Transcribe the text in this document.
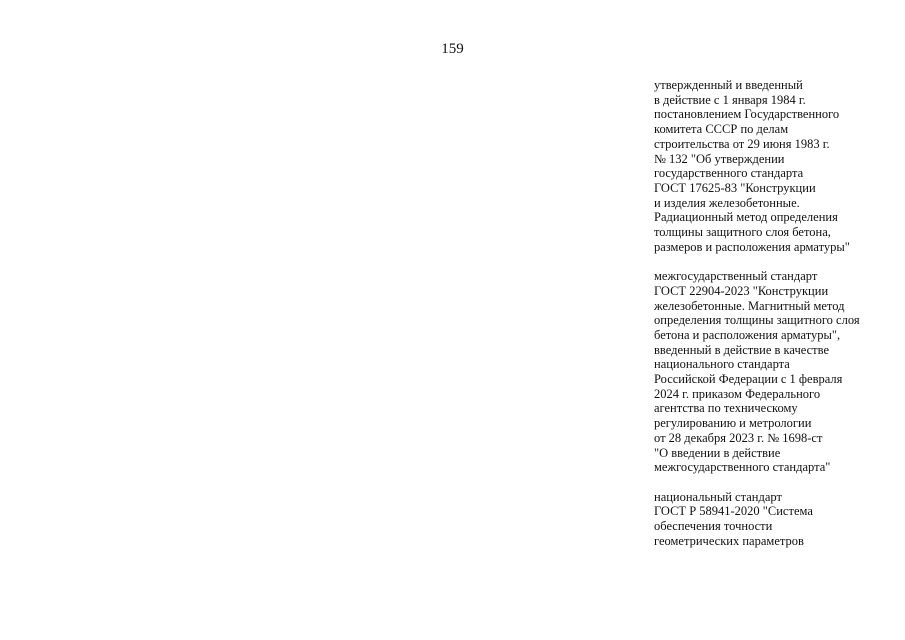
159
утвержденный и введенный
в действие с 1 января 1984 г.
постановлением Государственного
комитета СССР по делам
строительства от 29 июня 1983 г.
№ 132 "Об утверждении
государственного стандарта
ГОСТ 17625-83 "Конструкции
и изделия железобетонные.
Радиационный метод определения
толщины защитного слоя бетона,
размеров и расположения арматуры"
межгосударственный стандарт
ГОСТ 22904-2023 "Конструкции
железобетонные. Магнитный метод
определения толщины защитного слоя
бетона и расположения арматуры",
введенный в действие в качестве
национального стандарта
Российской Федерации с 1 февраля
2024 г. приказом Федерального
агентства по техническому
регулированию и метрологии
от 28 декабря 2023 г. № 1698-ст
"О введении в действие
межгосударственного стандарта"
национальный стандарт
ГОСТ Р 58941-2020 "Система
обеспечения точности
геометрических параметров
